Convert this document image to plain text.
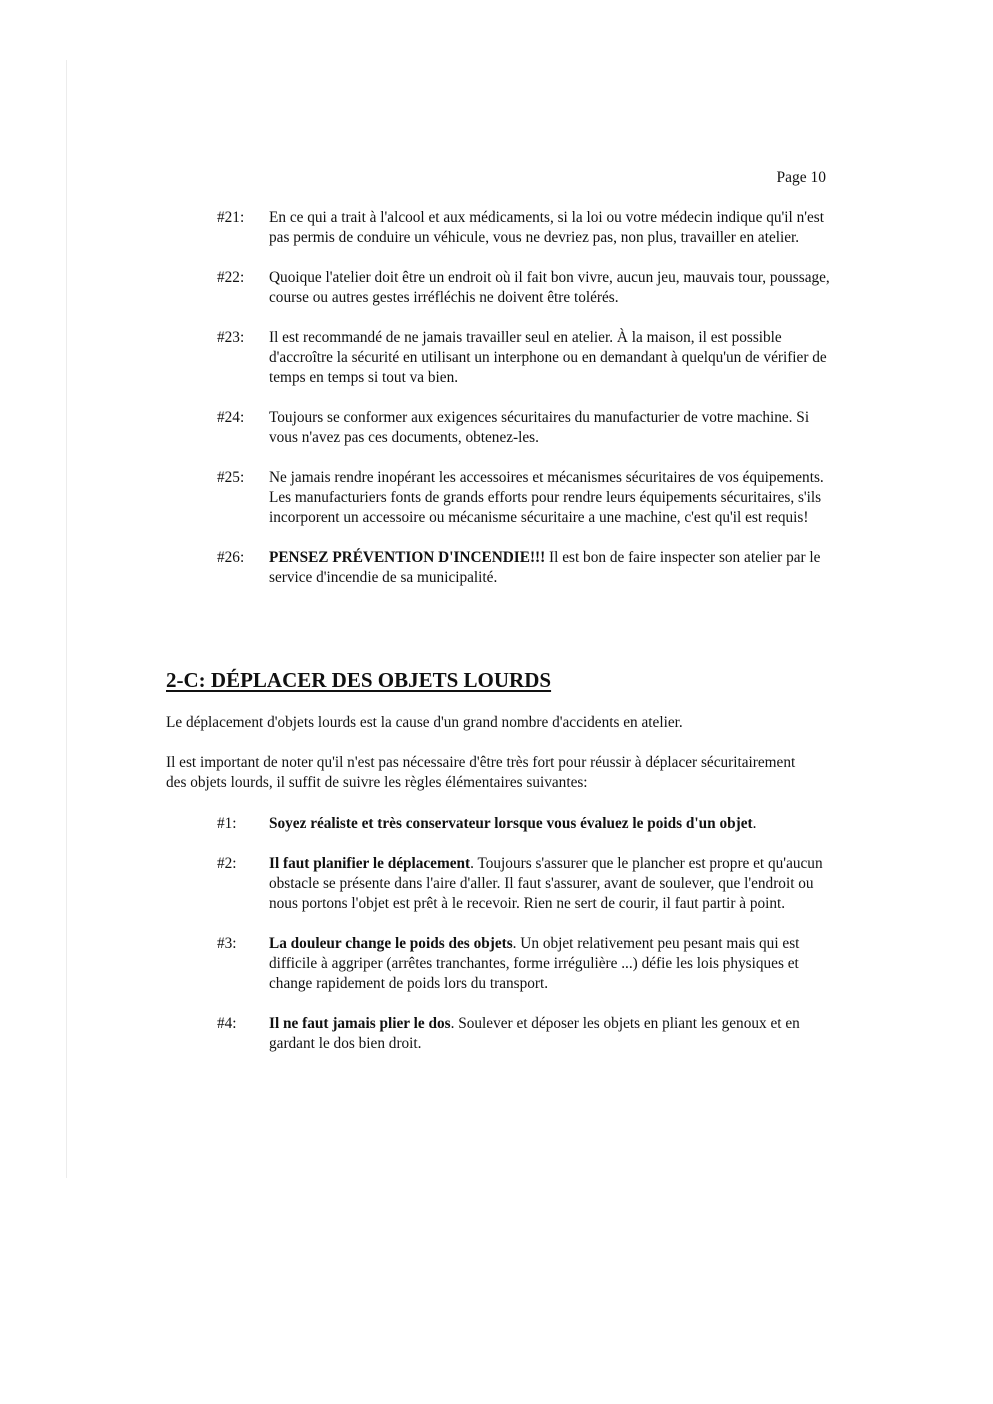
Page 10
#21: En ce qui a trait à l'alcool et aux médicaments, si la loi ou votre médecin indique qu'il n'est pas permis de conduire un véhicule, vous ne devriez pas, non plus, travailler en atelier.
#22: Quoique l'atelier doit être un endroit où il fait bon vivre, aucun jeu, mauvais tour, poussage, course ou autres gestes irréfléchis ne doivent être tolérés.
#23: Il est recommandé de ne jamais travailler seul en atelier. À la maison, il est possible d'accroître la sécurité en utilisant un interphone ou en demandant à quelqu'un de vérifier de temps en temps si tout va bien.
#24: Toujours se conformer aux exigences sécuritaires du manufacturier de votre machine. Si vous n'avez pas ces documents, obtenez-les.
#25: Ne jamais rendre inopérant les accessoires et mécanismes sécuritaires de vos équipements. Les manufacturiers fonts de grands efforts pour rendre leurs équipements sécuritaires, s'ils incorporent un accessoire ou mécanisme sécuritaire a une machine, c'est qu'il est requis!
#26: PENSEZ PRÉVENTION D'INCENDIE!!! Il est bon de faire inspecter son atelier par le service d'incendie de sa municipalité.
2-C: DÉPLACER DES OBJETS LOURDS

Le déplacement d'objets lourds est la cause d'un grand nombre d'accidents en atelier.

Il est important de noter qu'il n'est pas nécessaire d'être très fort pour réussir à déplacer sécuritairement des objets lourds, il suffit de suivre les règles élémentaires suivantes:

#1: Soyez réaliste et très conservateur lorsque vous évaluez le poids d'un objet.
#2: Il faut planifier le déplacement. Toujours s'assurer que le plancher est propre et qu'aucun obstacle se présente dans l'aire d'aller. Il faut s'assurer, avant de soulever, que l'endroit ou nous portons l'objet est prêt à le recevoir. Rien ne sert de courir, il faut partir à point.
#3: La douleur change le poids des objets. Un objet relativement peu pesant mais qui est difficile à aggriper (arrêtes tranchantes, forme irrégulière ...) défie les lois physiques et change rapidement de poids lors du transport.
#4: Il ne faut jamais plier le dos. Soulever et déposer les objets en pliant les genoux et en gardant le dos bien droit.
